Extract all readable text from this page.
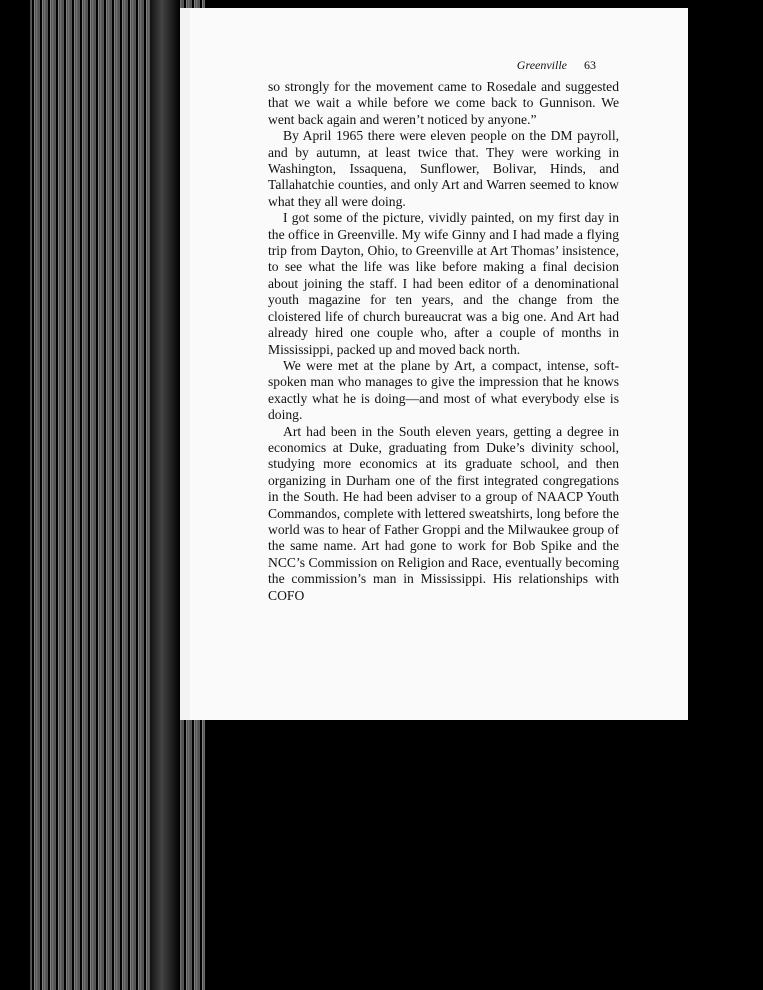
Greenville 63

so strongly for the movement came to Rosedale and suggested that we wait a while before we come back to Gunnison. We went back again and weren’t noticed by anyone.”

By April 1965 there were eleven people on the DM payroll, and by autumn, at least twice that. They were working in Washington, Issaquena, Sunflower, Bolivar, Hinds, and Tallahatchie counties, and only Art and Warren seemed to know what they all were doing.

I got some of the picture, vividly painted, on my first day in the office in Greenville. My wife Ginny and I had made a flying trip from Dayton, Ohio, to Greenville at Art Thomas’ insistence, to see what the life was like before making a final decision about joining the staff. I had been editor of a denominational youth magazine for ten years, and the change from the cloistered life of church bureaucrat was a big one. And Art had already hired one couple who, after a couple of months in Mississippi, packed up and moved back north.

We were met at the plane by Art, a compact, intense, soft-spoken man who manages to give the impression that he knows exactly what he is doing—and most of what everybody else is doing.

Art had been in the South eleven years, getting a degree in economics at Duke, graduating from Duke’s divinity school, studying more economics at its graduate school, and then organizing in Durham one of the first integrated congregations in the South. He had been adviser to a group of NAACP Youth Commandos, complete with lettered sweatshirts, long before the world was to hear of Father Groppi and the Milwaukee group of the same name. Art had gone to work for Bob Spike and the NCC’s Commission on Religion and Race, eventually becoming the commission’s man in Mississippi. His relationships with COFO
